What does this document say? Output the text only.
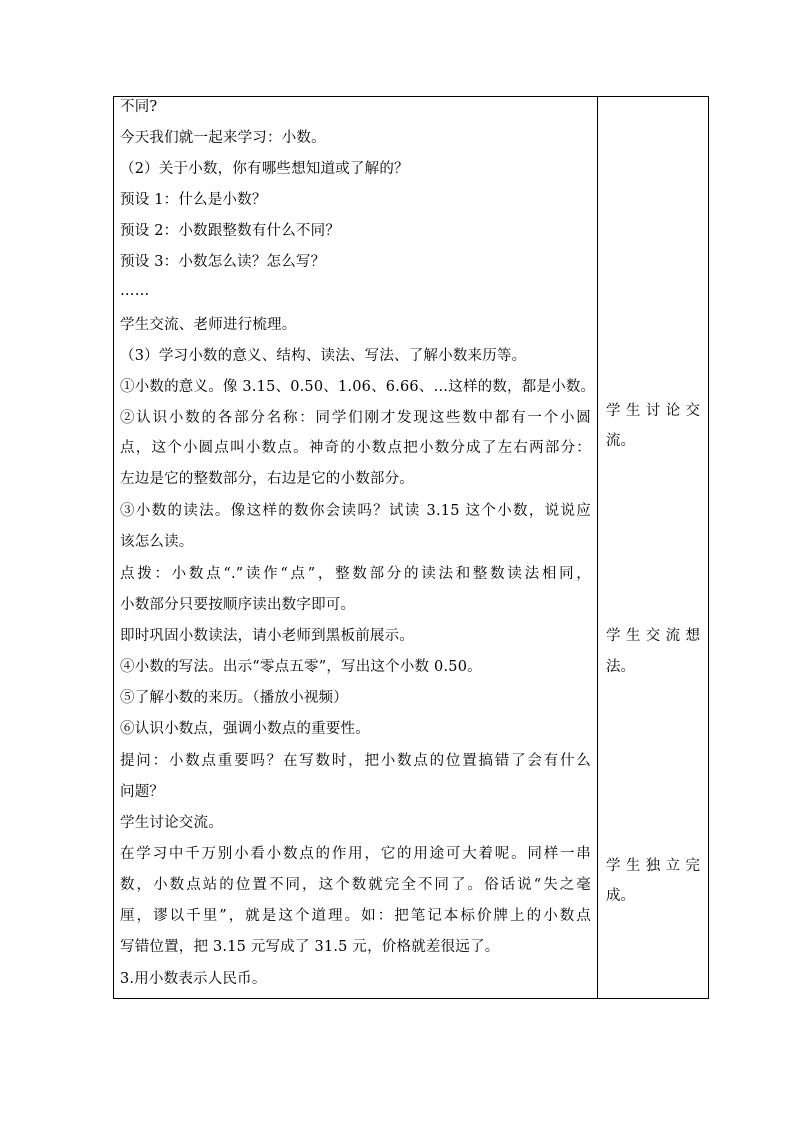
不同?
今天我们就一起来学习：小数。
（2）关于小数，你有哪些想知道或了解的？
预设 1：什么是小数？
预设 2：小数跟整数有什么不同？
预设 3：小数怎么读？怎么写？
……
学生交流、老师进行梳理。
（3）学习小数的意义、结构、读法、写法、了解小数来历等。
①小数的意义。像 3.15、0.50、1.06、6.66、…这样的数，都是小数。
②认识小数的各部分名称：同学们刚才发现这些数中都有一个小圆
点，这个小圆点叫小数点。神奇的小数点把小数分成了左右两部分：
左边是它的整数部分，右边是它的小数部分。
③小数的读法。像这样的数你会读吗？试读 3.15 这个小数，说说应
该怎么读。
点拨：小数点“.”读作“点”，整数部分的读法和整数读法相同，
小数部分只要按顺序读出数字即可。
即时巩固小数读法，请小老师到黑板前展示。
④小数的写法。出示“零点五零”，写出这个小数 0.50。
⑤了解小数的来历。（播放小视频）
⑥认识小数点，强调小数点的重要性。
提问：小数点重要吗？在写数时，把小数点的位置搞错了会有什么
问题？
学生讨论交流。
在学习中千万别小看小数点的作用，它的用途可大着呢。同样一串
数，小数点站的位置不同，这个数就完全不同了。俗话说“失之毫
厘，谬以千里”，就是这个道理。如：把笔记本标价牌上的小数点
写错位置，把 3.15 元写成了 31.5 元，价格就差很远了。
3.用小数表示人民币。
学生讨论交
流。
学生交流想
法。
学生独立完
成。
